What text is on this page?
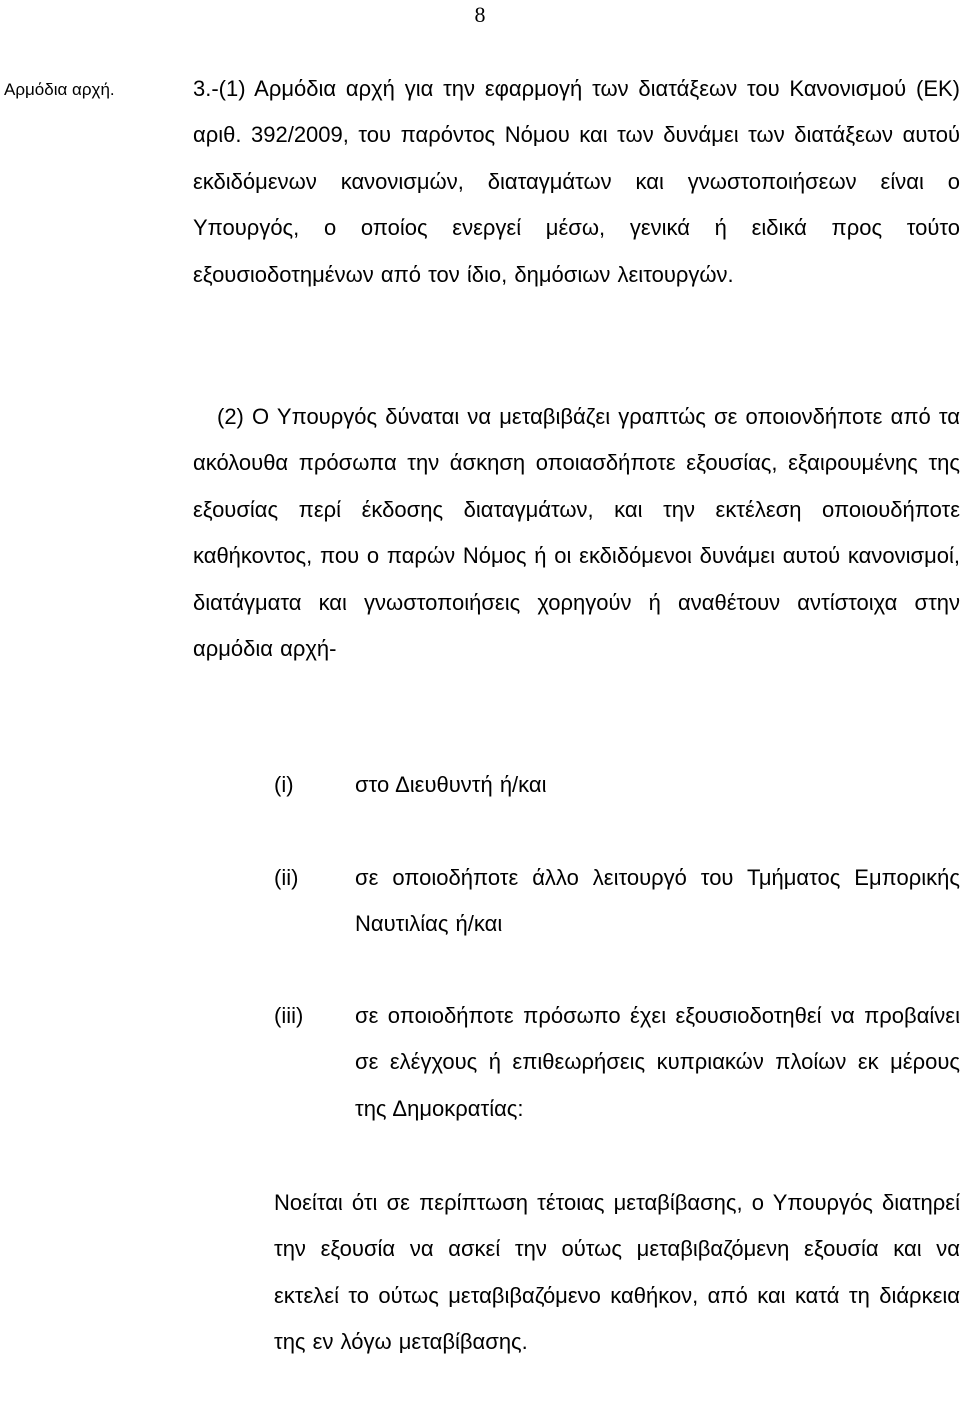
8
Αρμόδια αρχή.	3.-(1) Αρμόδια αρχή για την εφαρμογή των διατάξεων του Κανονισμού (ΕΚ) αριθ. 392/2009, του παρόντος Νόμου και των δυνάμει των διατάξεων αυτού εκδιδόμενων κανονισμών, διαταγμάτων και γνωστοποιήσεων είναι ο Υπουργός, ο οποίος ενεργεί μέσω, γενικά ή ειδικά προς τούτο εξουσιοδοτημένων από τον ίδιο, δημόσιων λειτουργών.

(2) Ο Υπουργός δύναται να μεταβιβάζει γραπτώς σε οποιονδήποτε από τα ακόλουθα πρόσωπα την άσκηση οποιασδήποτε εξουσίας, εξαιρουμένης της εξουσίας περί έκδοσης διαταγμάτων, και την εκτέλεση οποιουδήποτε καθήκοντος, που ο παρών Νόμος ή οι εκδιδόμενοι δυνάμει αυτού κανονισμοί, διατάγματα και γνωστοποιήσεις χορηγούν ή αναθέτουν αντίστοιχα στην αρμόδια αρχή-

(i)	στο Διευθυντή ή/και

(ii)	σε οποιοδήποτε άλλο λειτουργό του Τμήματος Εμπορικής Ναυτιλίας ή/και

(iii) σε οποιοδήποτε πρόσωπο έχει εξουσιοδοτηθεί να προβαίνει σε ελέγχους ή επιθεωρήσεις κυπριακών πλοίων εκ μέρους της Δημοκρατίας:

Νοείται ότι σε περίπτωση τέτοιας μεταβίβασης, ο Υπουργός διατηρεί την εξουσία να ασκεί την ούτως μεταβιβαζόμενη εξουσία και να εκτελεί το ούτως μεταβιβαζόμενο καθήκον, από και κατά τη διάρκεια της εν λόγω μεταβίβασης.
